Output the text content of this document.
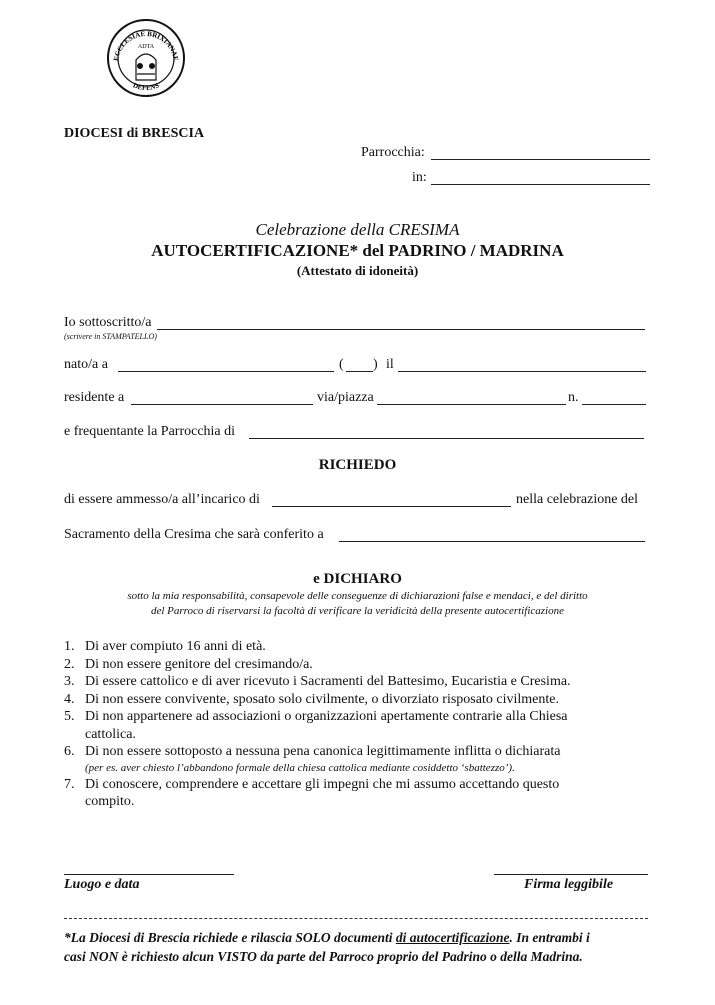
ECCLESIAE BRIXIANAE
DEFENS
ADTA
DIOCESI di BRESCIA
Parrocchia:
in:
Celebrazione della CRESIMA
AUTOCERTIFICAZIONE* del PADRINO / MADRINA
(Attestato di idoneità)
Io sottoscritto/a
(scrivere in STAMPATELLO)
nato/a a	( ) il
residente a	via/piazza	n.
e frequentante la Parrocchia di
RICHIEDO
di essere ammesso/a all’incarico di	nella celebrazione del
Sacramento della Cresima che sarà conferito a
e DICHIARO
sotto la mia responsabilità, consapevole delle conseguenze di dichiarazioni false e mendaci, e del diritto
del Parroco di riservarsi la facoltà di verificare la veridicità della presente autocertificazione
1. Di aver compiuto 16 anni di età.
2. Di non essere genitore del cresimando/a.
3. Di essere cattolico e di aver ricevuto i Sacramenti del Battesimo, Eucaristia e Cresima.
4. Di non essere convivente, sposato solo civilmente, o divorziato risposato civilmente.
5. Di non appartenere ad associazioni o organizzazioni apertamente contrarie alla Chiesa
cattolica.
6. Di non essere sottoposto a nessuna pena canonica legittimamente inflitta o dichiarata
(per es. aver chiesto l’abbandono formale della chiesa cattolica mediante cosiddetto ‘sbattezzo’).
7. Di conoscere, comprendere e accettare gli impegni che mi assumo accettando questo
compito.
Luogo e data	Firma leggibile
*La Diocesi di Brescia richiede e rilascia SOLO documenti di autocertificazione. In entrambi i
casi NON è richiesto alcun VISTO da parte del Parroco proprio del Padrino o della Madrina.
